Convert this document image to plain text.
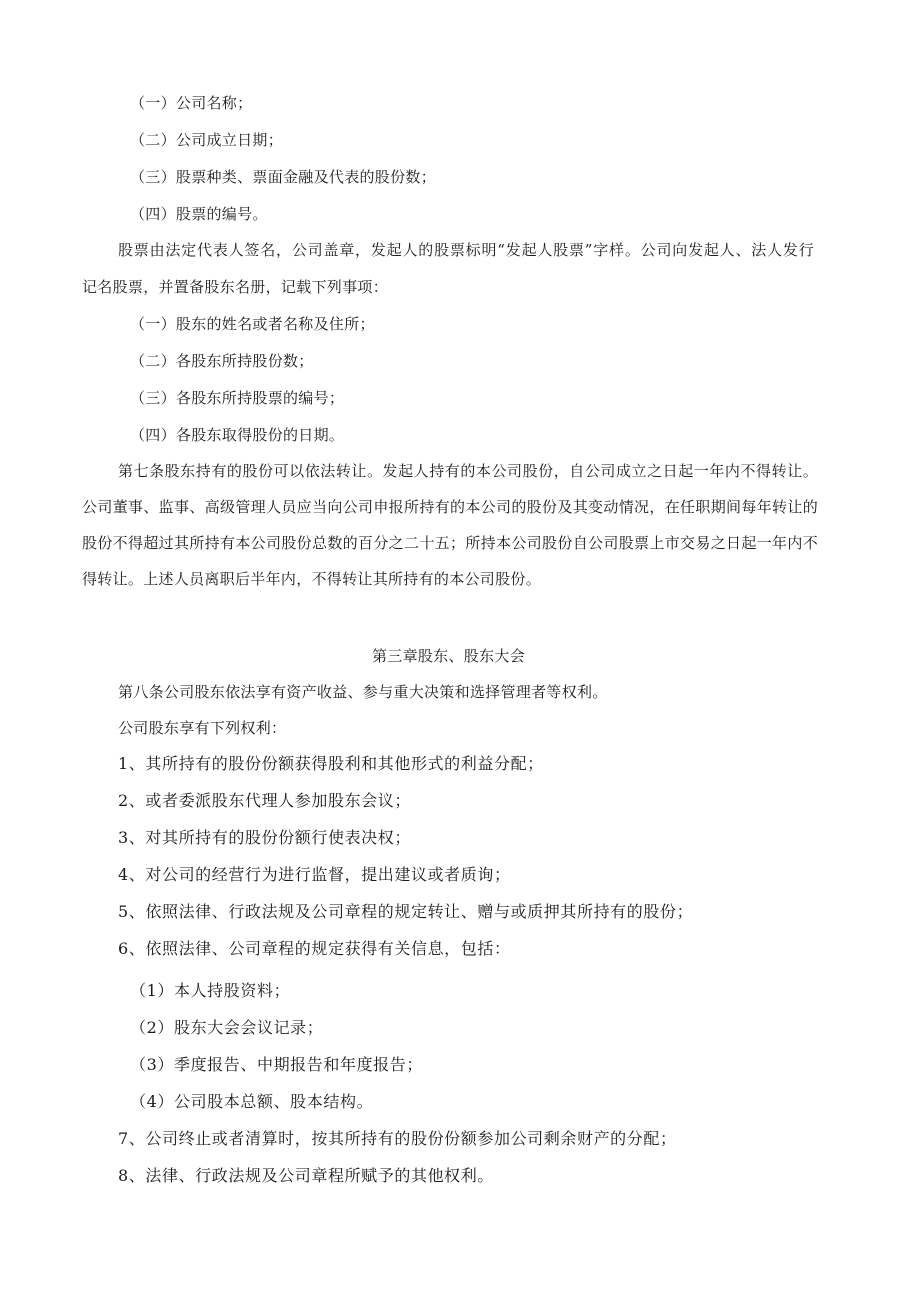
（一）公司名称；
（二）公司成立日期；
（三）股票种类、票面金融及代表的股份数；
（四）股票的编号。
股票由法定代表人签名，公司盖章，发起人的股票标明“发起人股票”字样。公司向发起人、法人发行
记名股票，并置备股东名册，记载下列事项：
（一）股东的姓名或者名称及住所；
（二）各股东所持股份数；
（三）各股东所持股票的编号；
（四）各股东取得股份的日期。
第七条股东持有的股份可以依法转让。发起人持有的本公司股份，自公司成立之日起一年内不得转让。
公司董事、监事、高级管理人员应当向公司申报所持有的本公司的股份及其变动情况，在任职期间每年转让的
股份不得超过其所持有本公司股份总数的百分之二十五；所持本公司股份自公司股票上市交易之日起一年内不
得转让。上述人员离职后半年内，不得转让其所持有的本公司股份。
第三章股东、股东大会
第八条公司股东依法享有资产收益、参与重大决策和选择管理者等权利。
公司股东享有下列权利：
1、其所持有的股份份额获得股利和其他形式的利益分配；
2、或者委派股东代理人参加股东会议；
3、对其所持有的股份份额行使表决权；
4、对公司的经营行为进行监督，提出建议或者质询；
5、依照法律、行政法规及公司章程的规定转让、赠与或质押其所持有的股份；
6、依照法律、公司章程的规定获得有关信息，包括：
（1）本人持股资料；
（2）股东大会会议记录；
（3）季度报告、中期报告和年度报告；
（4）公司股本总额、股本结构。
7、公司终止或者清算时，按其所持有的股份份额参加公司剩余财产的分配；
8、法律、行政法规及公司章程所赋予的其他权利。
